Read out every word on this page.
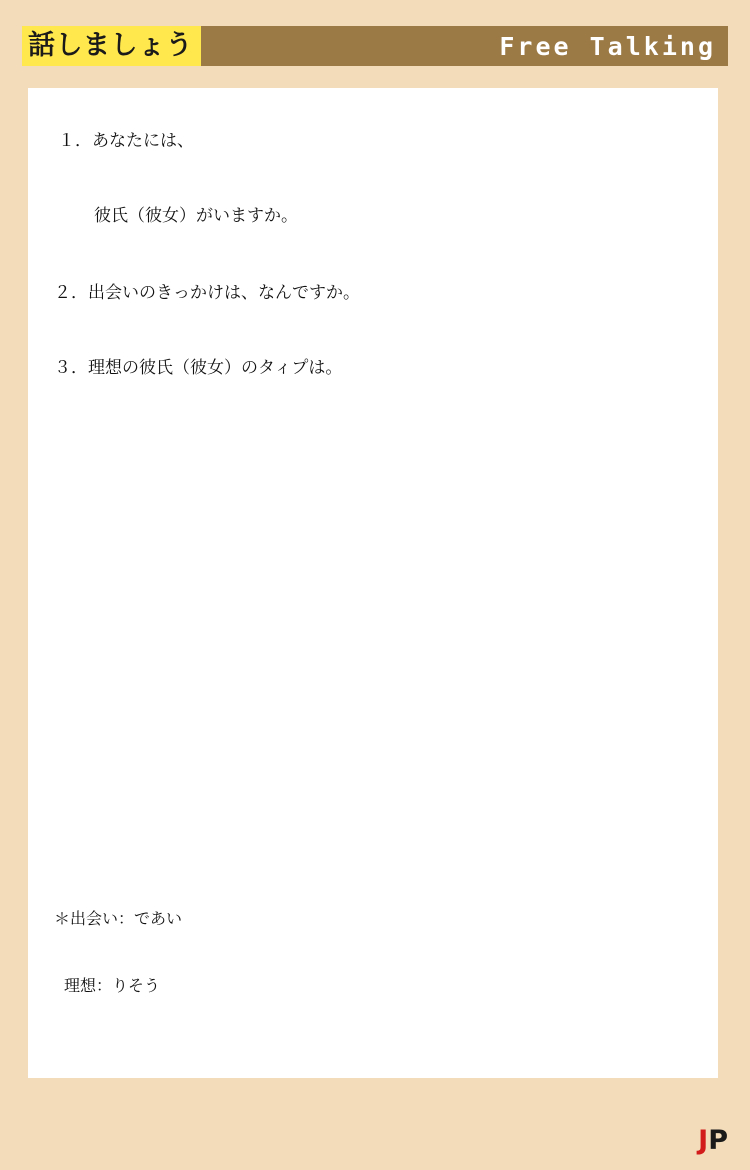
話しましょう	Free Talking
１．あなたには、
彼氏（彼女）がいますか。
２．出会いのきっかけは、なんですか。
３．理想の彼氏（彼女）のタィプは。
＊出会い：であい
理想：りそう
JP
